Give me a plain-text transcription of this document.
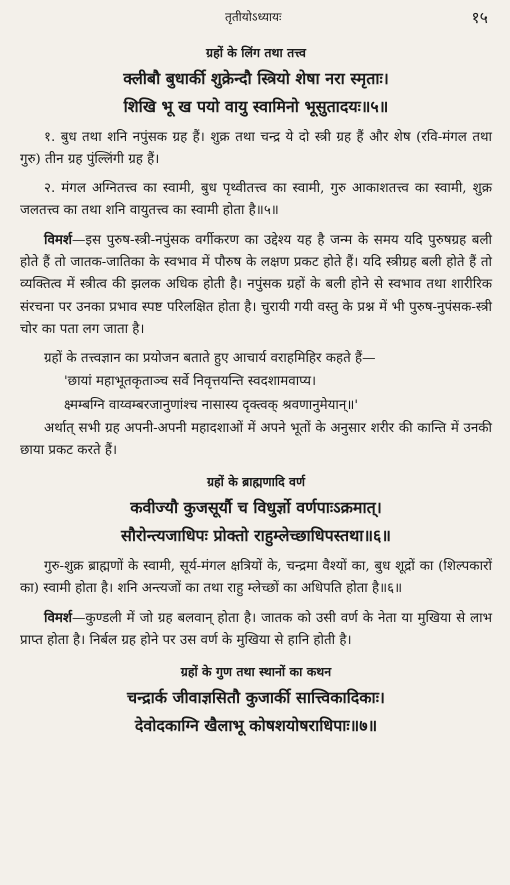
तृतीयोऽध्यायः	१५
ग्रहों के लिंग तथा तत्त्व
क्लीबौ बुधार्की शुक्रेन्दौ स्त्रियो शेषा नरा स्मृताः।
शिखि भू ख पयो वायु स्वामिनो भूसुतादयः॥५॥

१. बुध तथा शनि नपुंसक ग्रह हैं। शुक्र तथा चन्द्र ये दो स्त्री ग्रह हैं और शेष (रवि-मंगल तथा गुरु) तीन ग्रह पुंल्लिंगी ग्रह हैं।

२. मंगल अग्नितत्त्व का स्वामी, बुध पृथ्वीतत्त्व का स्वामी, गुरु आकाशतत्त्व का स्वामी, शुक्र जलतत्त्व का तथा शनि वायुतत्त्व का स्वामी होता है॥५॥

विमर्श—इस पुरुष-स्त्री-नपुंसक वर्गीकरण का उद्देश्य यह है जन्म के समय यदि पुरुषग्रह बली होते हैं तो जातक-जातिका के स्वभाव में पौरुष के लक्षण प्रकट होते हैं। यदि स्त्रीग्रह बली होते हैं तो व्यक्तित्व में स्त्रीत्व की झलक अधिक होती है। नपुंसक ग्रहों के बली होने से स्वभाव तथा शारीरिक संरचना पर उनका प्रभाव स्पष्ट परिलक्षित होता है। चुरायी गयी वस्तु के प्रश्न में भी पुरुष-नुपंसक-स्त्री चोर का पता लग जाता है।

ग्रहों के तत्त्वज्ञान का प्रयोजन बताते हुए आचार्य वराहमिहिर कहते हैं—

'छायां महाभूतकृताञ्च सर्वे निवृत्तयन्ति स्वदशामवाप्य।
क्ष्मम्बग्नि वाय्वम्बरजानुणांश्च नासास्य दृक्त्वक् श्रवणानुमेयान्॥'

अर्थात् सभी ग्रह अपनी-अपनी महादशाओं में अपने भूतों के अनुसार शरीर की कान्ति में उनकी छाया प्रकट करते हैं।

ग्रहों के ब्राह्मणादि वर्ण
कवीज्यौ कुजसूर्यौ च विधुर्ज्ञो वर्णपाःऽक्रमात्।
सौरोन्त्यजाधिपः प्रोक्तो राहुम्लेच्छाधिपस्तथा॥६॥

गुरु-शुक्र ब्राह्मणों के स्वामी, सूर्य-मंगल क्षत्रियों के, चन्द्रमा वैश्यों का, बुध शूद्रों का (शिल्पकारों का) स्वामी होता है। शनि अन्त्यजों का तथा राहु म्लेच्छों का अधिपति होता है॥६॥

विमर्श—कुण्डली में जो ग्रह बलवान् होता है। जातक को उसी वर्ण के नेता या मुखिया से लाभ प्राप्त होता है। निर्बल ग्रह होने पर उस वर्ण के मुखिया से हानि होती है।

ग्रहों के गुण तथा स्थानों का कथन
चन्द्रार्क जीवाज्ञसितौ कुजार्की सात्त्विकादिकाः।
देवोदकाग्नि खैलाभू कोषशयोषराधिपाः॥७॥
